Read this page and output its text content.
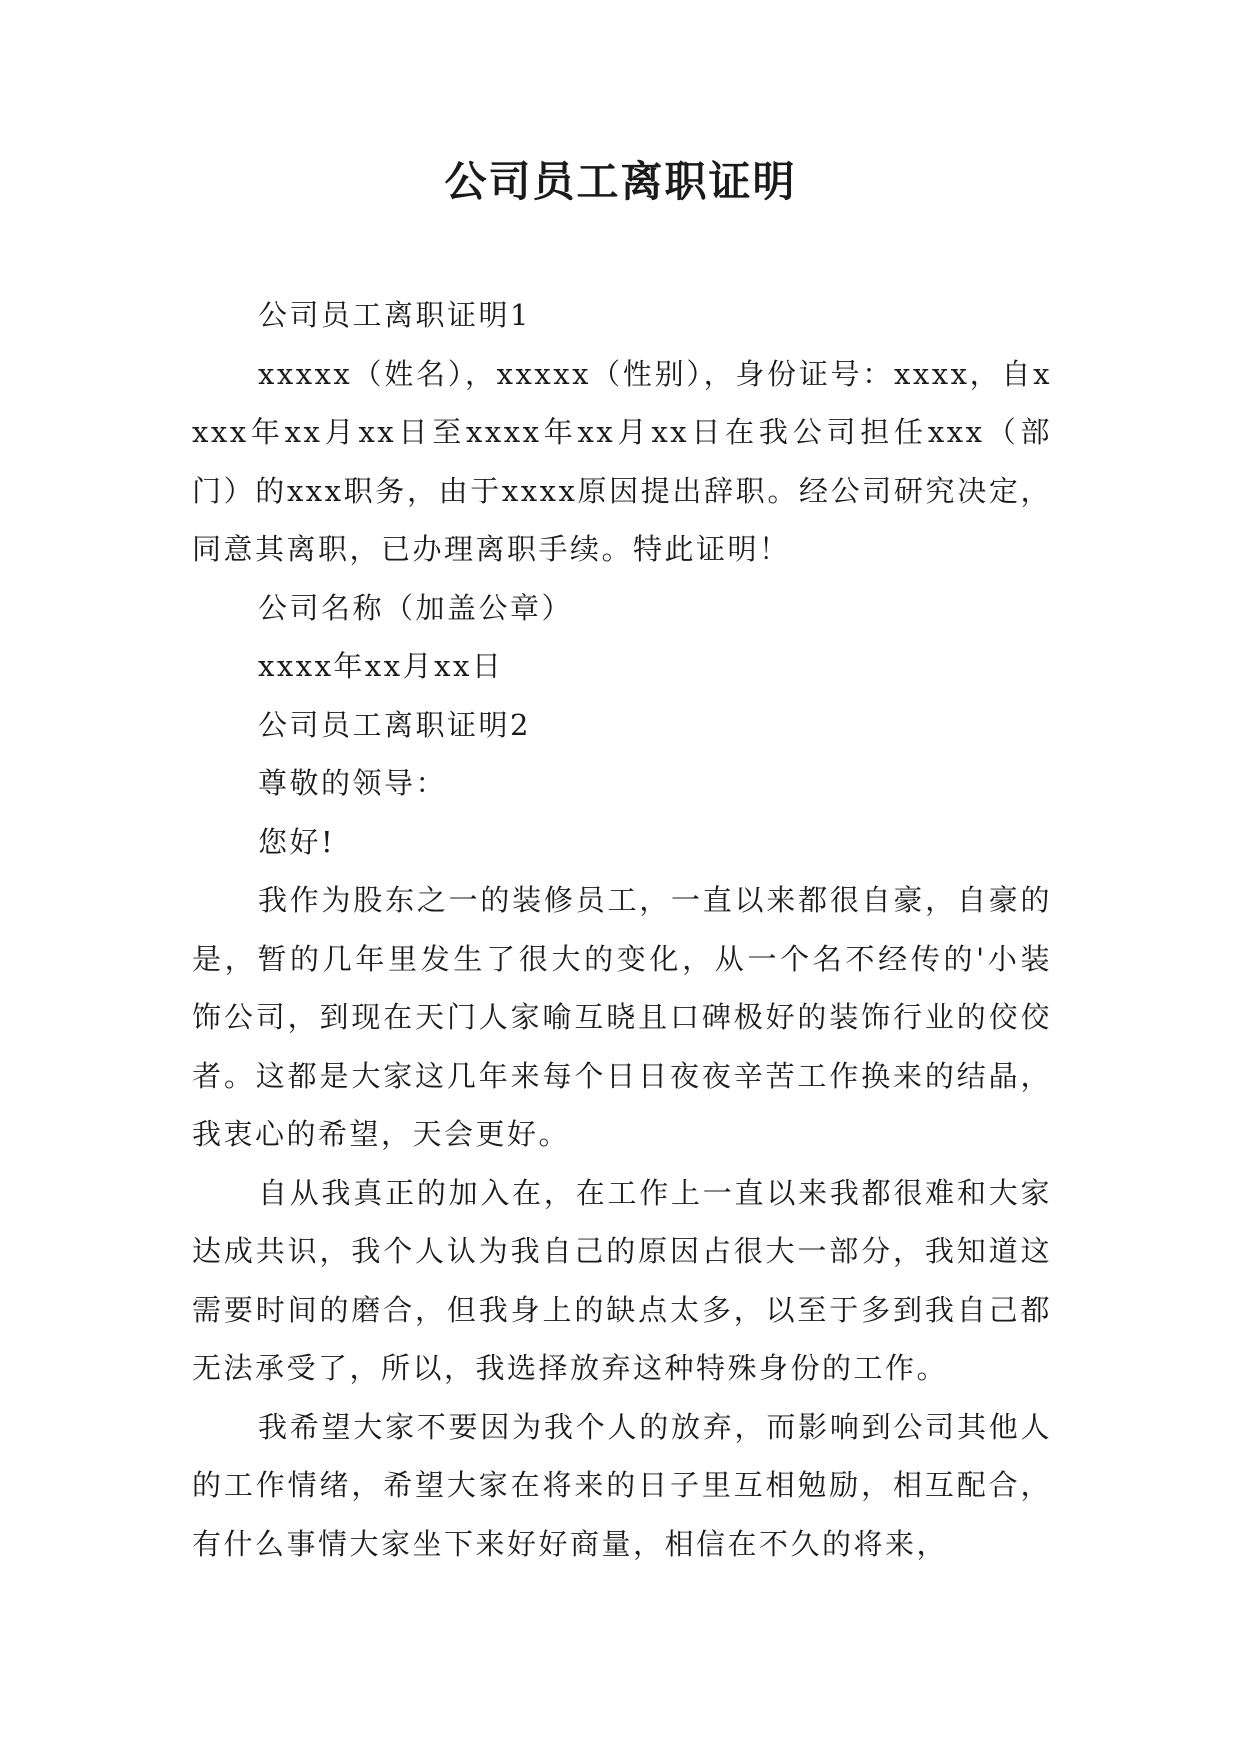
公司员工离职证明

公司员工离职证明1

xxxxx（姓名），xxxxx（性别），身份证号：xxxx，自xxxx年xx月xx日至xxxx年xx月xx日在我公司担任xxx（部门）的xxx职务，由于xxxx原因提出辞职。经公司研究决定，同意其离职，已办理离职手续。特此证明！

公司名称（加盖公章）

xxxx年xx月xx日

公司员工离职证明2

尊敬的领导：

您好!

我作为股东之一的装修员工，一直以来都很自豪，自豪的是，暂的几年里发生了很大的变化，从一个名不经传的'小装饰公司，到现在天门人家喻互晓且口碑极好的装饰行业的佼佼者。这都是大家这几年来每个日日夜夜辛苦工作换来的结晶，我衷心的希望，天会更好。

自从我真正的加入在，在工作上一直以来我都很难和大家达成共识，我个人认为我自己的原因占很大一部分，我知道这需要时间的磨合，但我身上的缺点太多，以至于多到我自己都无法承受了，所以，我选择放弃这种特殊身份的工作。

我希望大家不要因为我个人的放弃，而影响到公司其他人的工作情绪，希望大家在将来的日子里互相勉励，相互配合，有什么事情大家坐下来好好商量，相信在不久的将来，
